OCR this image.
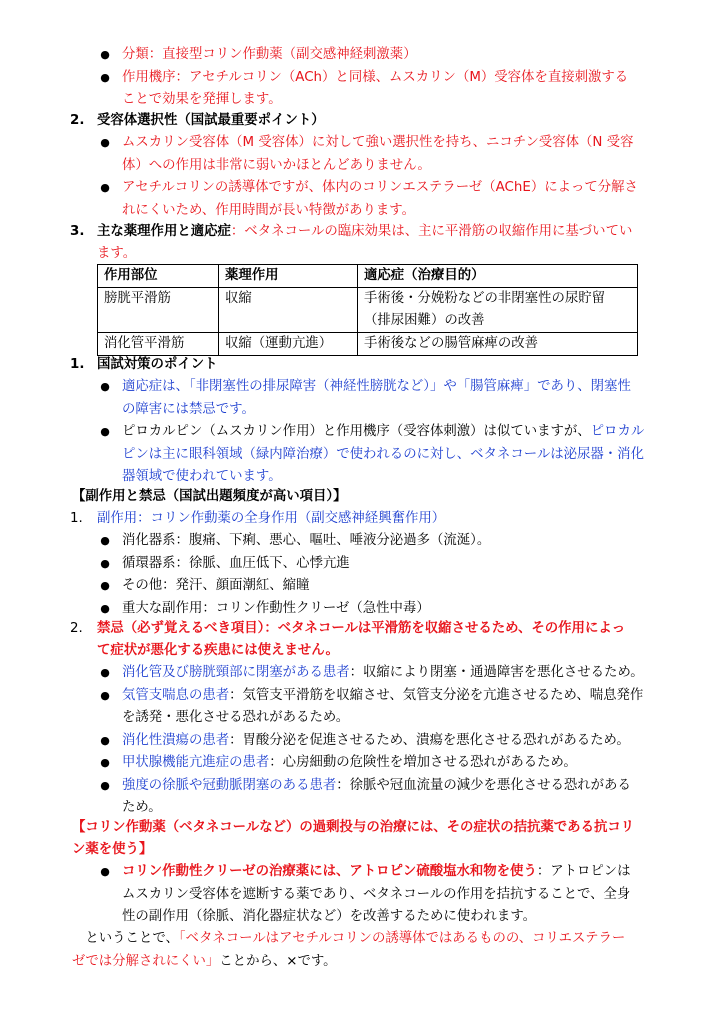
● 分類：直接型コリン作動薬（副交感神経刺激薬）
● 作用機序：アセチルコリン（ACh）と同様、ムスカリン（M）受容体を直接刺激する
ことで効果を発揮します。
2. 受容体選択性（国試最重要ポイント）
● ムスカリン受容体（M 受容体）に対して強い選択性を持ち、ニコチン受容体（N 受容
体）への作用は非常に弱いかほとんどありません。
● アセチルコリンの誘導体ですが、体内のコリンエステラーゼ（AChE）によって分解さ
れにくいため、作用時間が長い特徴があります。
3. 主な薬理作用と適応症：ベタネコールの臨床効果は、主に平滑筋の収縮作用に基づいてい
ます。
作用部位	薬理作用	適応症（治療目的）
膀胱平滑筋	収縮	手術後・分娩粉などの非閉塞性の尿貯留
（排尿困難）の改善

消化管平滑筋	収縮（運動亢進）	手術後などの腸管麻痺の改善
1. 国試対策のポイント
● 適応症は、「非閉塞性の排尿障害（神経性膀胱など）」や「腸管麻痺」であり、閉塞性
の障害には禁忌です。
● ピロカルピン（ムスカリン作用）と作用機序（受容体刺激）は似ていますが、ピロカル
ピンは主に眼科領域（緑内障治療）で使われるのに対し、ベタネコールは泌尿器・消化
器領域で使われています。
【副作用と禁忌（国試出題頻度が高い項目）】
1. 副作用：コリン作動薬の全身作用（副交感神経興奮作用）
● 消化器系：腹痛、下痢、悪心、嘔吐、唾液分泌過多（流涎）。
● 循環器系：徐脈、血圧低下、心悸亢進
● その他：発汗、顔面潮紅、縮瞳
● 重大な副作用：コリン作動性クリーゼ（急性中毒）
2. 禁忌（必ず覚えるべき項目）：ベタネコールは平滑筋を収縮させるため、その作用によっ
て症状が悪化する疾患には使えません。
● 消化管及び膀胱頸部に閉塞がある患者：収縮により閉塞・通過障害を悪化させるため。
● 気管支喘息の患者：気管支平滑筋を収縮させ、気管支分泌を亢進させるため、喘息発作
を誘発・悪化させる恐れがあるため。
● 消化性潰瘍の患者：胃酸分泌を促進させるため、潰瘍を悪化させる恐れがあるため。
● 甲状腺機能亢進症の患者：心房細動の危険性を増加させる恐れがあるため。
● 強度の徐脈や冠動脈閉塞のある患者：徐脈や冠血流量の減少を悪化させる恐れがある
ため。
【コリン作動薬（ベタネコールなど）の過剰投与の治療には、その症状の拮抗薬である抗コリ
ン薬を使う】
● コリン作動性クリーゼの治療薬には、アトロピン硫酸塩水和物を使う：アトロピンは
ムスカリン受容体を遮断する薬であり、ベタネコールの作用を拮抗することで、全身
性の副作用（徐脈、消化器症状など）を改善するために使われます。
　ということで、「ベタネコールはアセチルコリンの誘導体ではあるものの、コリエステラー
ゼでは分解されにくい」ことから、×です。
